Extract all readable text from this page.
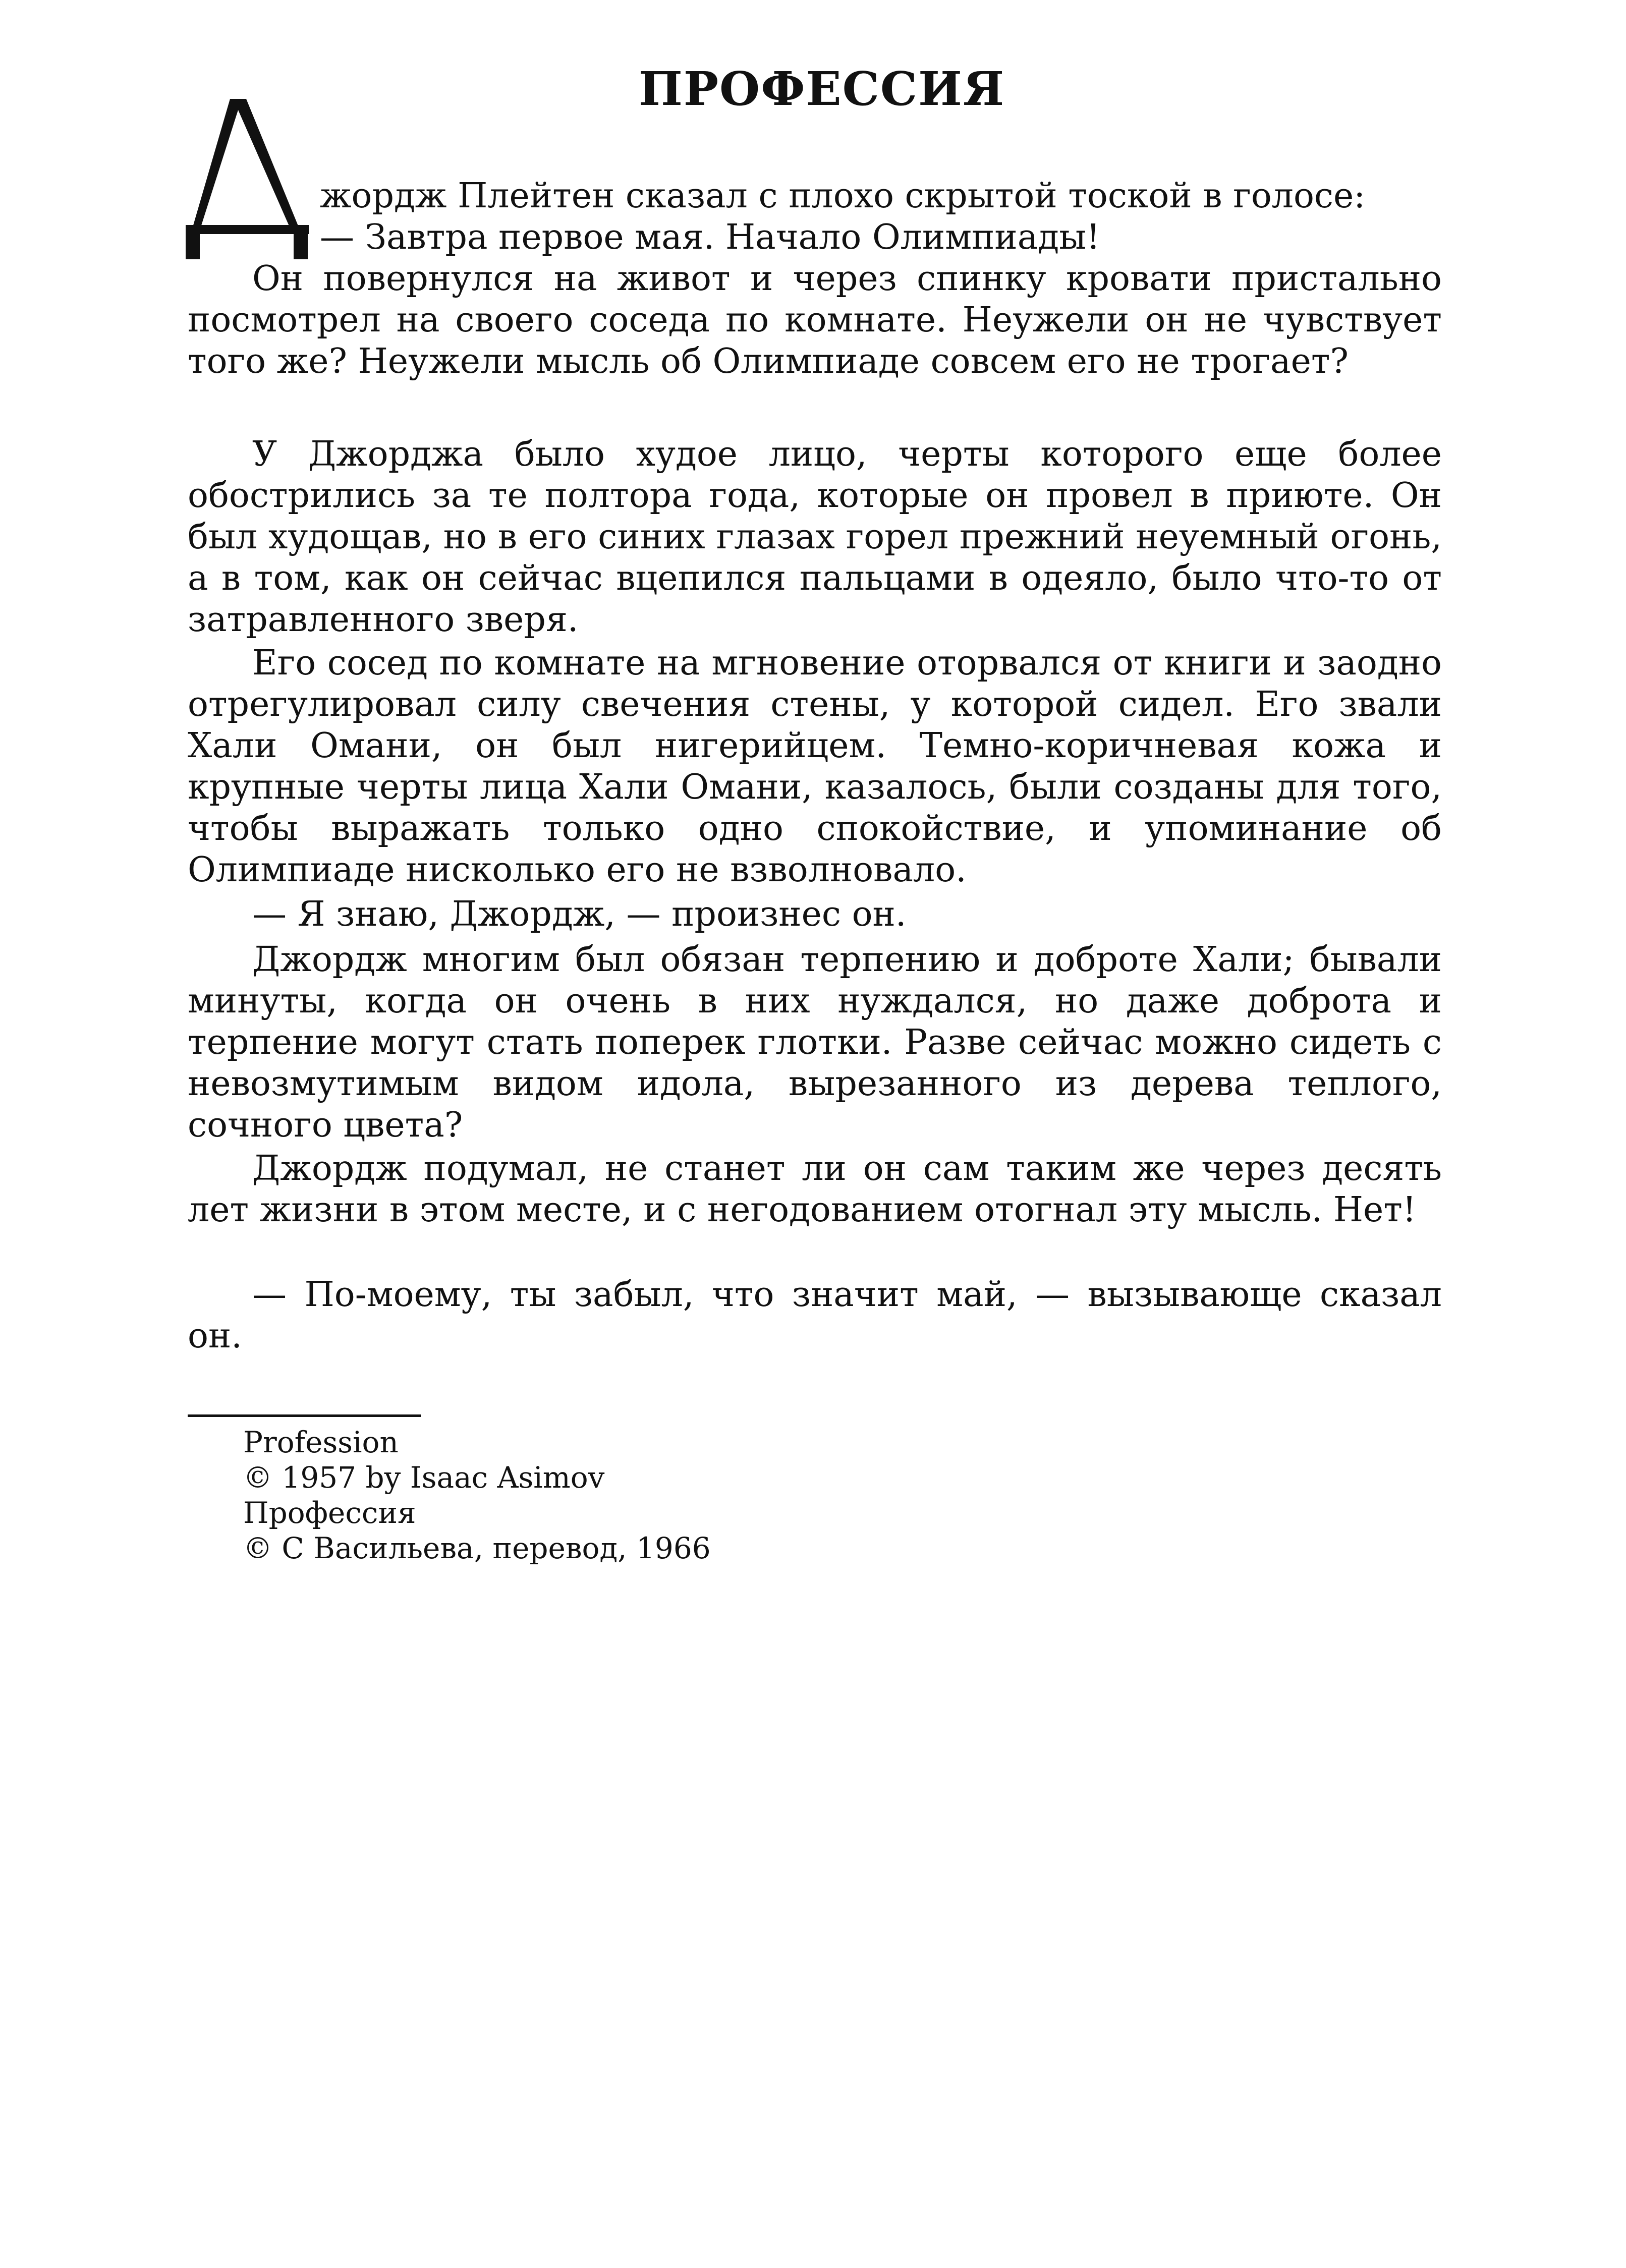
ПРОФЕССИЯ

жордж Плейтен сказал с плохо скрытой тоской в голосе:

— Завтра первое мая. Начало Олимпиады!

Он повернулся на живот и через спинку кровати пристально посмотрел на своего соседа по комнате. Неужели он не чувствует того же? Неужели мысль об Олимпиаде совсем его не трогает?

У Джорджа было худое лицо, черты которого еще более обострились за те полтора года, которые он провел в приюте. Он был худощав, но в его синих глазах горел прежний неуемный огонь, а в том, как он сейчас вцепился пальцами в одеяло, было что-то от затравленного зверя.

Его сосед по комнате на мгновение оторвался от книги и заодно отрегулировал силу свечения стены, у которой сидел. Его звали Хали Омани, он был нигерийцем. Темно-коричневая кожа и крупные черты лица Хали Омани, казалось, были созданы для того, чтобы выражать только одно спокойствие, и упоминание об Олимпиаде нисколько его не взволновало.

— Я знаю, Джордж, — произнес он.

Джордж многим был обязан терпению и доброте Хали; бывали минуты, когда он очень в них нуждался, но даже доброта и терпение могут стать поперек глотки. Разве сейчас можно сидеть с невозмутимым видом идола, вырезанного из дерева теплого, сочного цвета?

Джордж подумал, не станет ли он сам таким же через десять лет жизни в этом месте, и с негодованием отогнал эту мысль. Нет!

— По-моему, ты забыл, что значит май, — вызывающе сказал он.

Profession

© 1957 by Isaac Asimov

Профессия

© С Васильева, перевод, 1966
